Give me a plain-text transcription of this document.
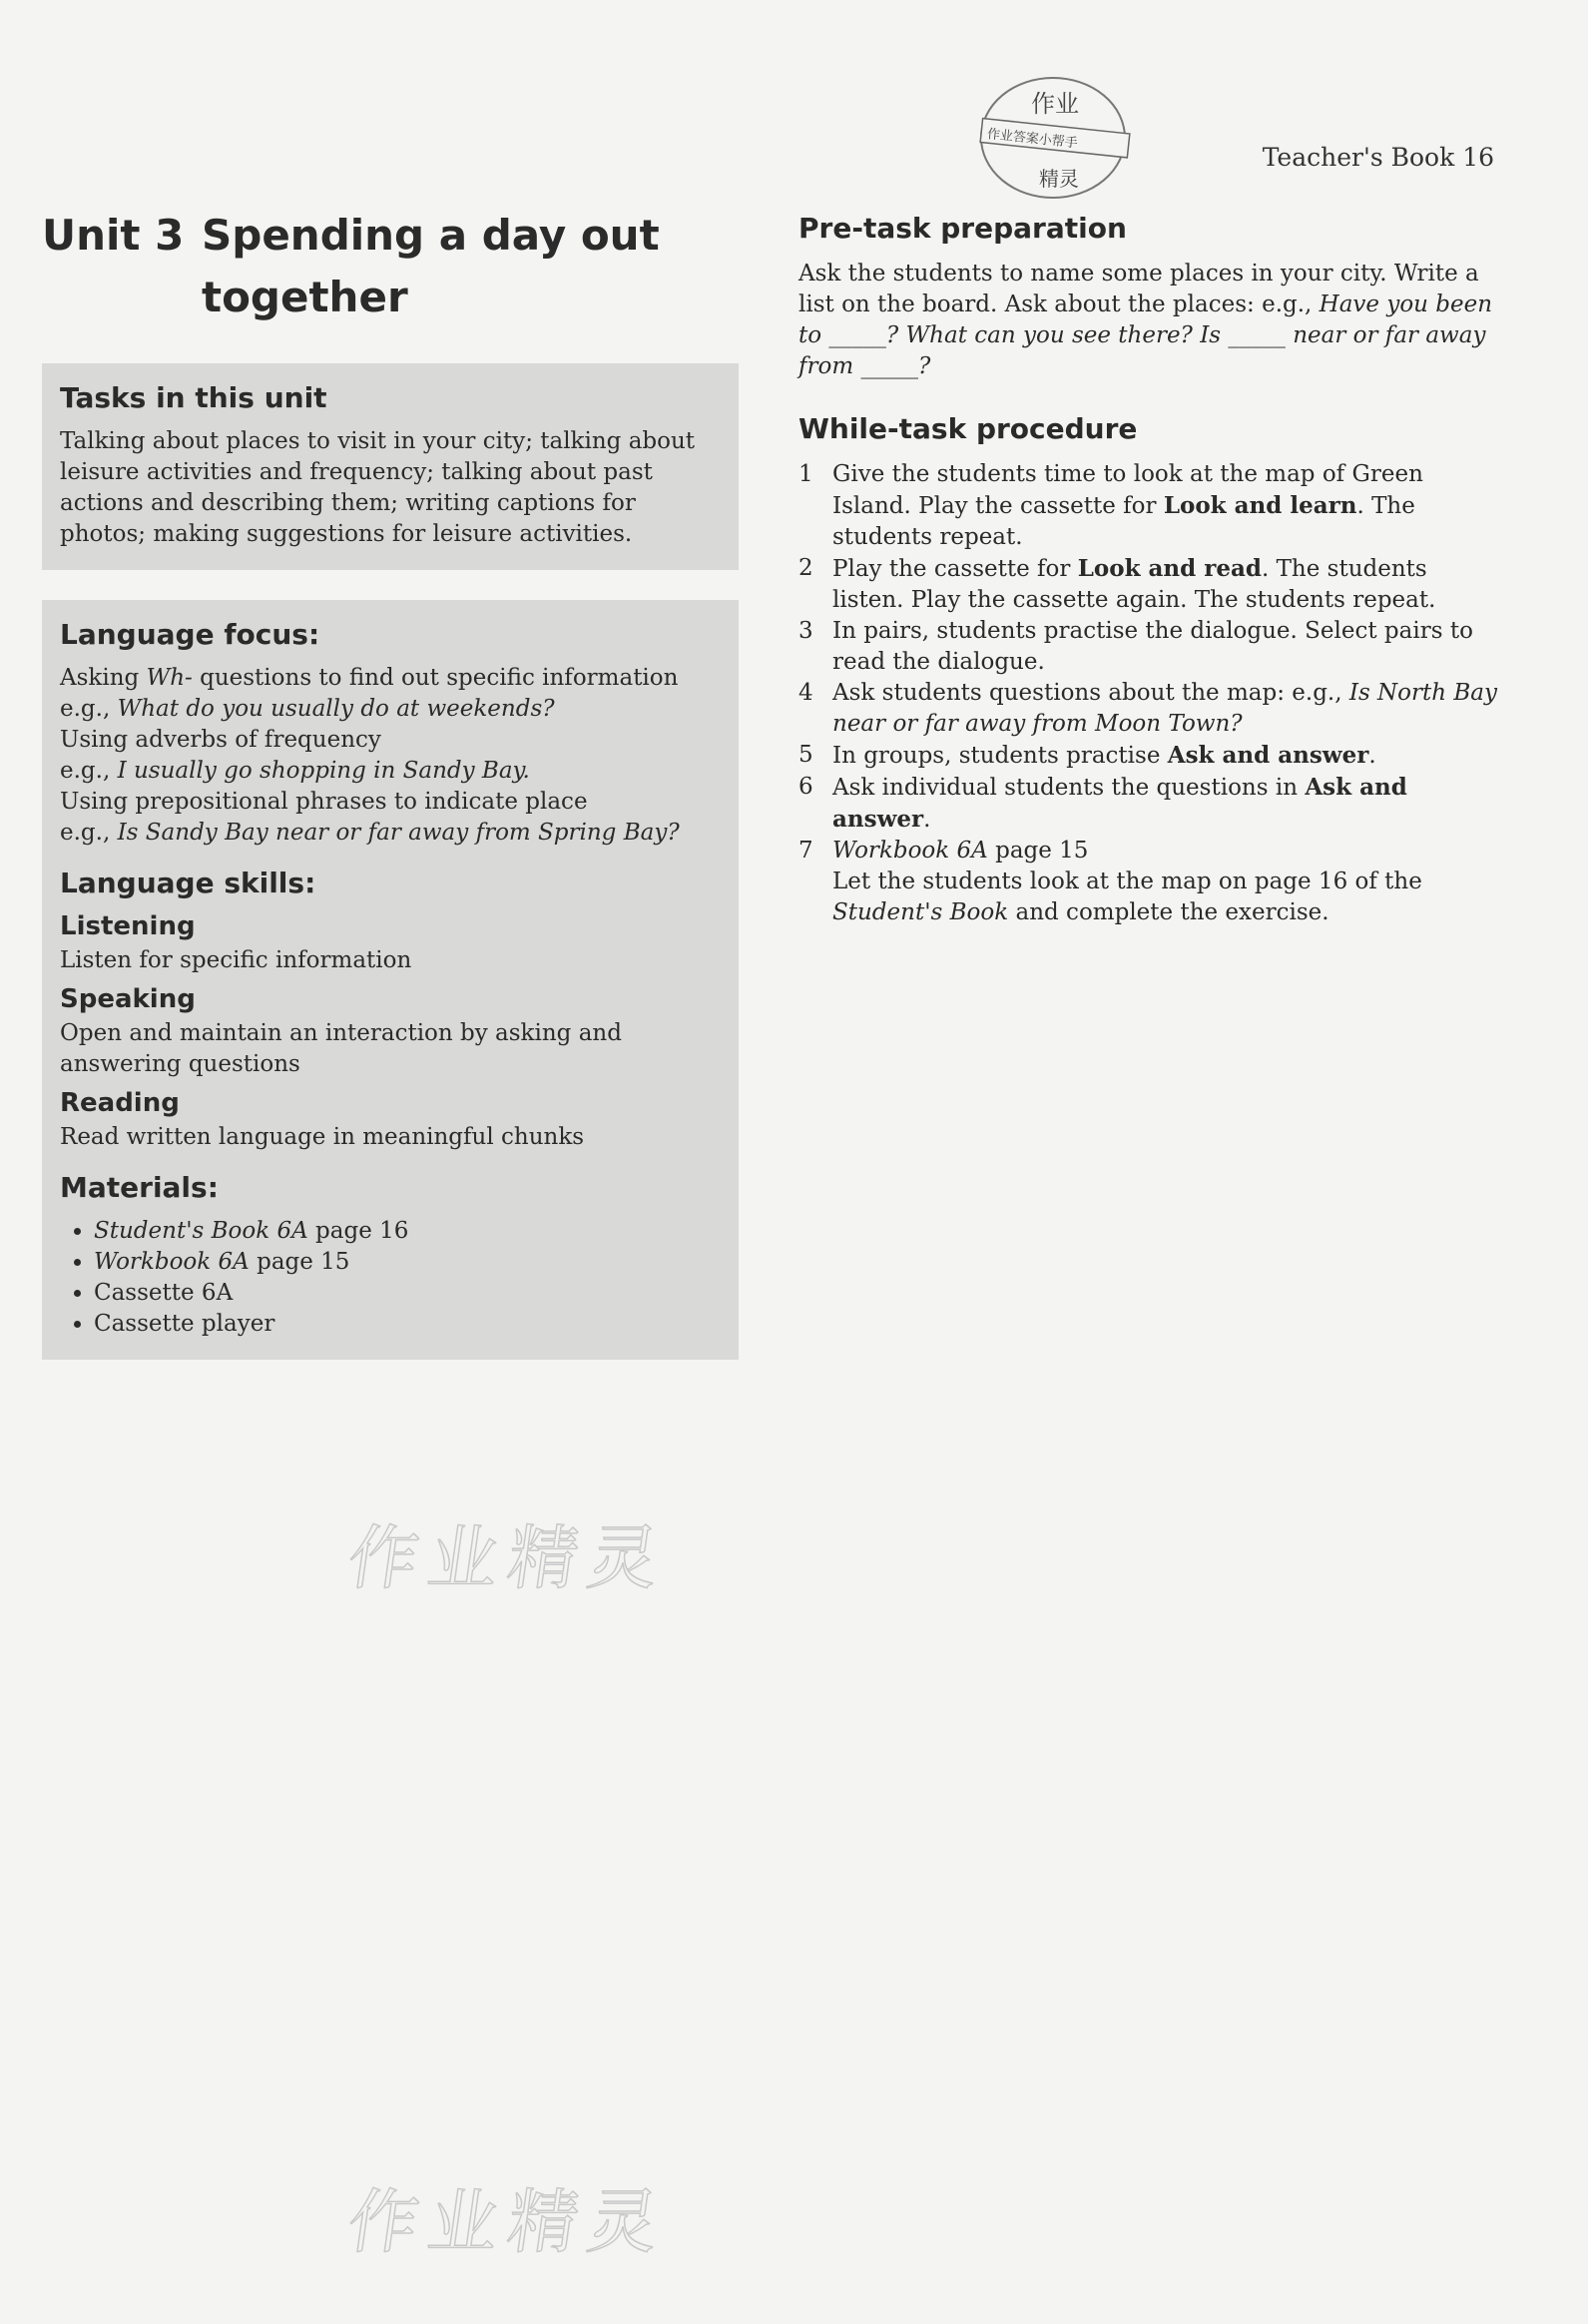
Teacher's Book 16
作业
作业答案小帮手
精灵
Unit 3 Spending a day out
together
Tasks in this unit

Talking about places to visit in your city; talking about leisure activities and frequency; talking about past actions and describing them; writing captions for photos; making suggestions for leisure activities.

Language focus:
Asking Wh- questions to find out specific information
e.g., What do you usually do at weekends?
Using adverbs of frequency
e.g., I usually go shopping in Sandy Bay.
Using prepositional phrases to indicate place
e.g., Is Sandy Bay near or far away from Spring Bay?
Language skills:
Listening

Listen for specific information

Speaking

Open and maintain an interaction by asking and answering questions

Reading

Read written language in meaningful chunks

Materials:
• Student's Book 6A page 16
• Workbook 6A page 15
• Cassette 6A
• Cassette player
Pre-task preparation

Ask the students to name some places in your city. Write a list on the board. Ask about the places: e.g., Have you been to _____? What can you see there? Is _____ near or far away from _____?

While-task procedure
1 Give the students time to look at the map of Green Island. Play the cassette for Look and learn. The students repeat.
2 Play the cassette for Look and read. The students listen. Play the cassette again. The students repeat.
3 In pairs, students practise the dialogue. Select pairs to read the dialogue.
4 Ask students questions about the map: e.g., Is North Bay near or far away from Moon Town?
5 In groups, students practise Ask and answer.
6 Ask individual students the questions in Ask and answer.
7 Workbook 6A page 15
Let the students look at the map on page 16 of the Student's Book and complete the exercise.
作业精灵
作业精灵
